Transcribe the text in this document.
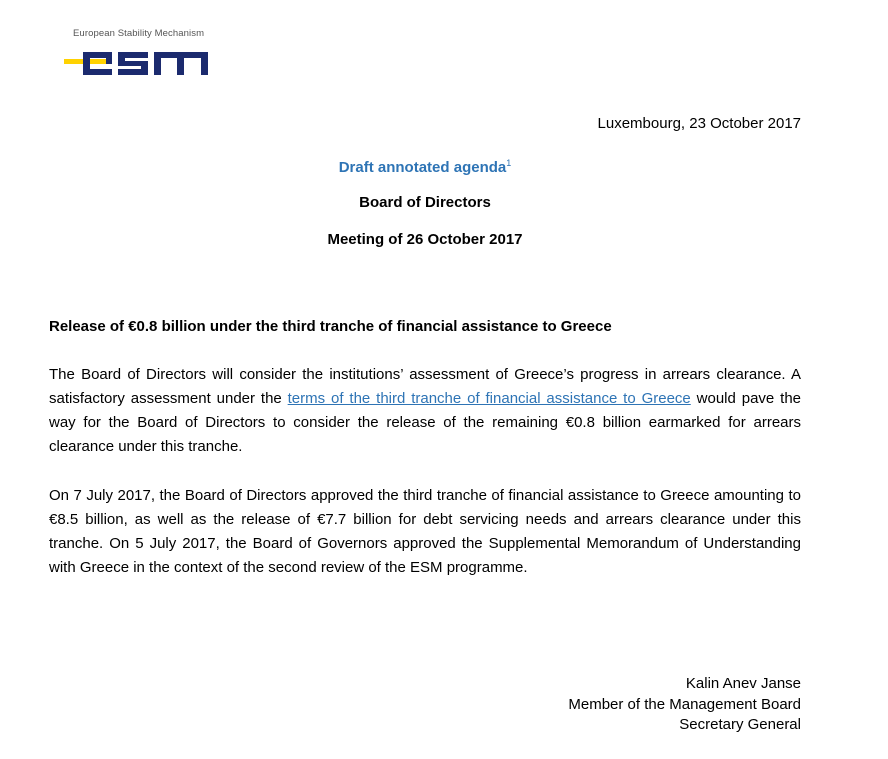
European Stability Mechanism
Luxembourg, 23 October 2017
Draft annotated agenda$^1$
Board of Directors
Meeting of 26 October 2017
Release of €0.8 billion under the third tranche of financial assistance to Greece

The Board of Directors will consider the institutions’ assessment of Greece’s progress in arrears clearance. A satisfactory assessment under the terms of the third tranche of financial assistance to Greece would pave the way for the Board of Directors to consider the release of the remaining €0.8 billion earmarked for arrears clearance under this tranche.

On 7 July 2017, the Board of Directors approved the third tranche of financial assistance to Greece amounting to €8.5 billion, as well as the release of €7.7 billion for debt servicing needs and arrears clearance under this tranche. On 5 July 2017, the Board of Governors approved the Supplemental Memorandum of Understanding with Greece in the context of the second review of the ESM programme.

Kalin Anev Janse
Member of the Management Board
Secretary General
